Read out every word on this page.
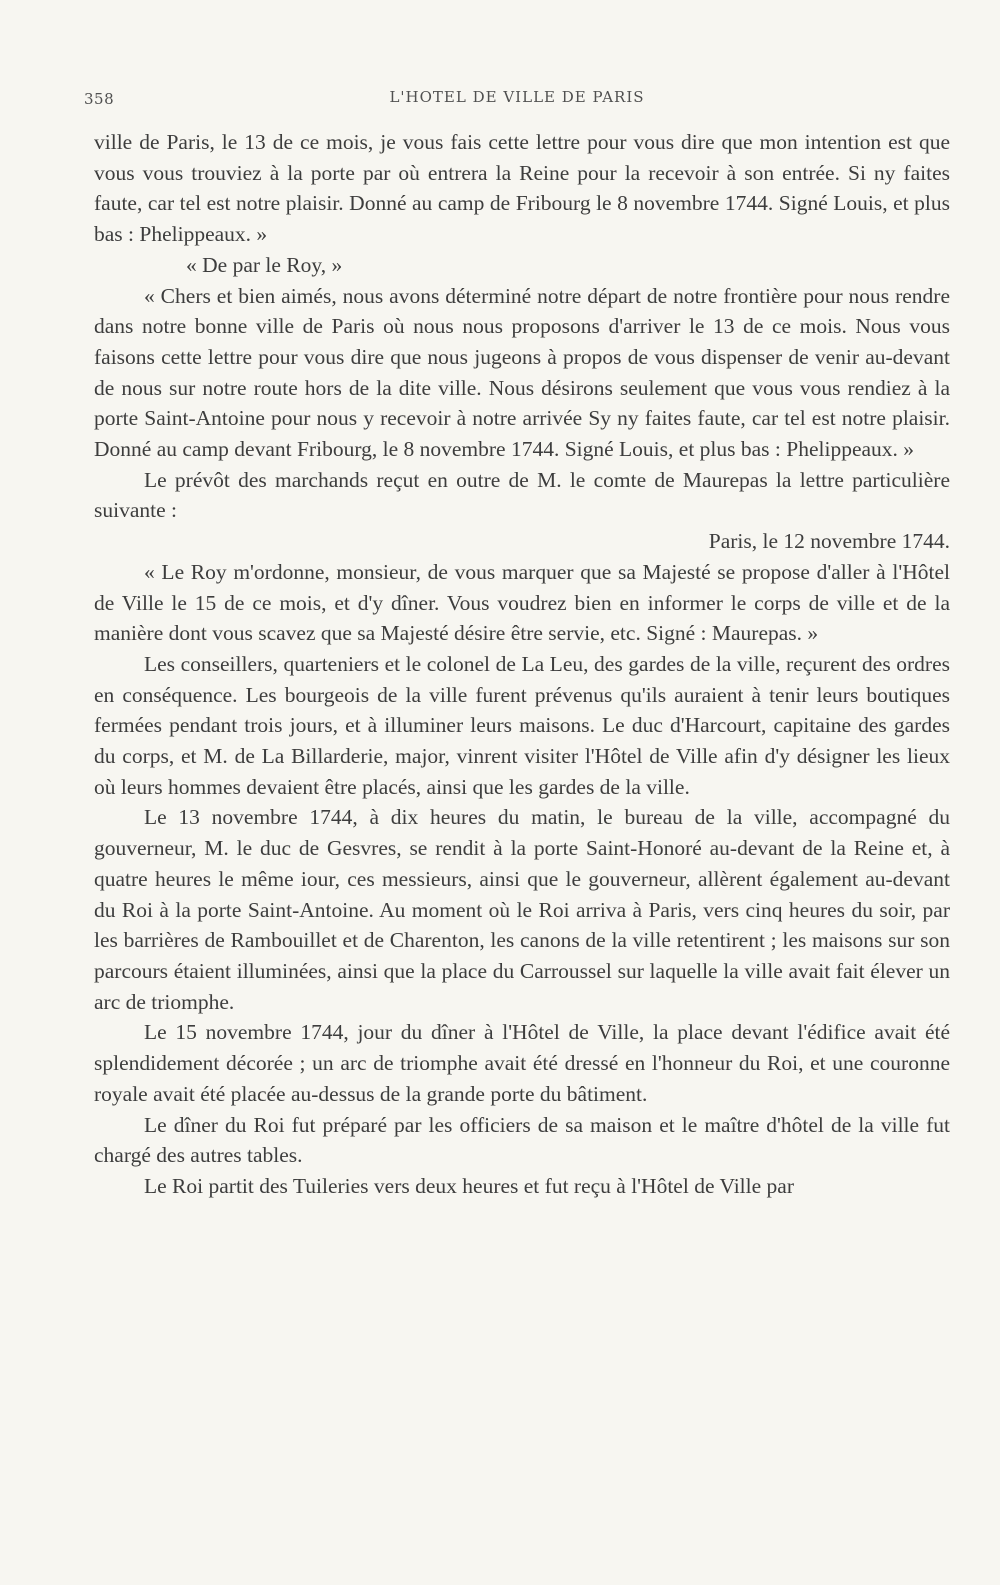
358	L'HOTEL DE VILLE DE PARIS

ville de Paris, le 13 de ce mois, je vous fais cette lettre pour vous dire que mon intention est que vous vous trouviez à la porte par où entrera la Reine pour la recevoir à son entrée. Si ny faites faute, car tel est notre plaisir. Donné au camp de Fribourg le 8 novembre 1744. Signé Louis, et plus bas : Phelippeaux. »

« De par le Roy, »

« Chers et bien aimés, nous avons déterminé notre départ de notre frontière pour nous rendre dans notre bonne ville de Paris où nous nous proposons d'arriver le 13 de ce mois. Nous vous faisons cette lettre pour vous dire que nous jugeons à propos de vous dispenser de venir au-devant de nous sur notre route hors de la dite ville. Nous désirons seulement que vous vous rendiez à la porte Saint-Antoine pour nous y recevoir à notre arrivée Sy ny faites faute, car tel est notre plaisir. Donné au camp devant Fribourg, le 8 novembre 1744. Signé Louis, et plus bas : Phelippeaux. »

Le prévôt des marchands reçut en outre de M. le comte de Maurepas la lettre particulière suivante :

Paris, le 12 novembre 1744.

« Le Roy m'ordonne, monsieur, de vous marquer que sa Majesté se propose d'aller à l'Hôtel de Ville le 15 de ce mois, et d'y dîner. Vous voudrez bien en informer le corps de ville et de la manière dont vous scavez que sa Majesté désire être servie, etc. Signé : Maurepas. »

Les conseillers, quarteniers et le colonel de La Leu, des gardes de la ville, reçurent des ordres en conséquence. Les bourgeois de la ville furent prévenus qu'ils auraient à tenir leurs boutiques fermées pendant trois jours, et à illuminer leurs maisons. Le duc d'Harcourt, capitaine des gardes du corps, et M. de La Billarderie, major, vinrent visiter l'Hôtel de Ville afin d'y désigner les lieux où leurs hommes devaient être placés, ainsi que les gardes de la ville.

Le 13 novembre 1744, à dix heures du matin, le bureau de la ville, accompagné du gouverneur, M. le duc de Gesvres, se rendit à la porte Saint-Honoré au-devant de la Reine et, à quatre heures le même iour, ces messieurs, ainsi que le gouverneur, allèrent également au-devant du Roi à la porte Saint-Antoine. Au moment où le Roi arriva à Paris, vers cinq heures du soir, par les barrières de Rambouillet et de Charenton, les canons de la ville retentirent ; les maisons sur son parcours étaient illuminées, ainsi que la place du Carroussel sur laquelle la ville avait fait élever un arc de triomphe.

Le 15 novembre 1744, jour du dîner à l'Hôtel de Ville, la place devant l'édifice avait été splendidement décorée ; un arc de triomphe avait été dressé en l'honneur du Roi, et une couronne royale avait été placée au-dessus de la grande porte du bâtiment.

Le dîner du Roi fut préparé par les officiers de sa maison et le maître d'hôtel de la ville fut chargé des autres tables.

Le Roi partit des Tuileries vers deux heures et fut reçu à l'Hôtel de Ville par
